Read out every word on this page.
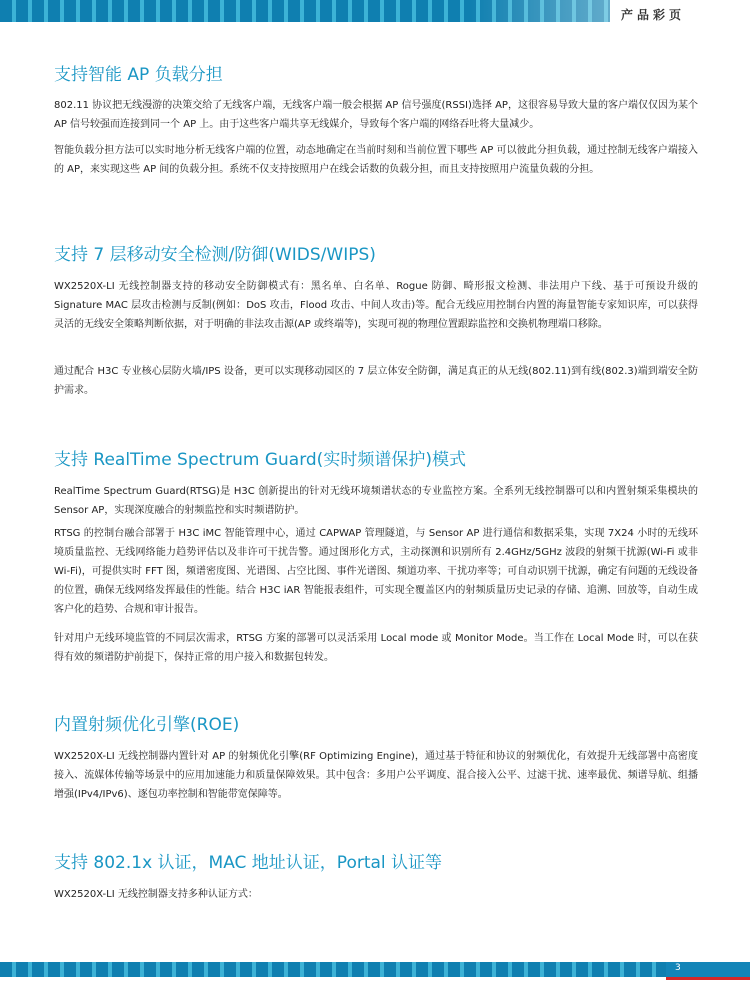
产品彩页
支持智能 AP 负载分担

802.11 协议把无线漫游的决策交给了无线客户端，无线客户端一般会根据 AP 信号强度(RSSI)选择 AP，这很容易导致大量的客户端仅仅因为某个 AP 信号较强而连接到同一个 AP 上。由于这些客户端共享无线媒介，导致每个客户端的网络吞吐将大量减少。

智能负载分担方法可以实时地分析无线客户端的位置，动态地确定在当前时刻和当前位置下哪些 AP 可以彼此分担负载，通过控制无线客户端接入的 AP，来实现这些 AP 间的负载分担。系统不仅支持按照用户在线会话数的负载分担，而且支持按照用户流量负载的分担。

支持 7 层移动安全检测/防御(WIDS/WIPS)

WX2520X-LI 无线控制器支持的移动安全防御模式有：黑名单、白名单、Rogue 防御、畸形报文检测、非法用户下线、基于可预设升级的 Signature MAC 层攻击检测与反制(例如：DoS 攻击，Flood 攻击、中间人攻击)等。配合无线应用控制台内置的海量智能专家知识库，可以获得灵活的无线安全策略判断依据，对于明确的非法攻击源(AP 或终端等)，实现可视的物理位置跟踪监控和交换机物理端口移除。

通过配合 H3C 专业核心层防火墙/IPS 设备，更可以实现移动园区的 7 层立体安全防御，满足真正的从无线(802.11)到有线(802.3)端到端安全防护需求。

支持 RealTime Spectrum Guard(实时频谱保护)模式

RealTime Spectrum Guard(RTSG)是 H3C 创新提出的针对无线环境频谱状态的专业监控方案。全系列无线控制器可以和内置射频采集模块的 Sensor AP，实现深度融合的射频监控和实时频谱防护。

RTSG 的控制台融合部署于 H3C iMC 智能管理中心，通过 CAPWAP 管理隧道，与 Sensor AP 进行通信和数据采集，实现 7X24 小时的无线环境质量监控、无线网络能力趋势评估以及非许可干扰告警。通过图形化方式，主动探测和识别所有 2.4GHz/5GHz 波段的射频干扰源(Wi-Fi 或非 Wi-Fi)，可提供实时 FFT 图，频谱密度图、光谱图、占空比图、事件光谱图、频道功率、干扰功率等；可自动识别干扰源，确定有问题的无线设备的位置，确保无线网络发挥最佳的性能。结合 H3C iAR 智能报表组件，可实现全覆盖区内的射频质量历史记录的存储、追溯、回放等，自动生成客户化的趋势、合规和审计报告。

针对用户无线环境监管的不同层次需求，RTSG 方案的部署可以灵活采用 Local mode 或 Monitor Mode。当工作在 Local Mode 时，可以在获得有效的频谱防护前提下，保持正常的用户接入和数据包转发。

内置射频优化引擎(ROE)

WX2520X-LI 无线控制器内置针对 AP 的射频优化引擎(RF Optimizing Engine)，通过基于特征和协议的射频优化，有效提升无线部署中高密度接入、流媒体传输等场景中的应用加速能力和质量保障效果。其中包含：多用户公平调度、混合接入公平、过滤干扰、速率最优、频谱导航、组播增强(IPv4/IPv6)、逐包功率控制和智能带宽保障等。

支持 802.1x 认证，MAC 地址认证，Portal 认证等

WX2520X-LI 无线控制器支持多种认证方式：

3
